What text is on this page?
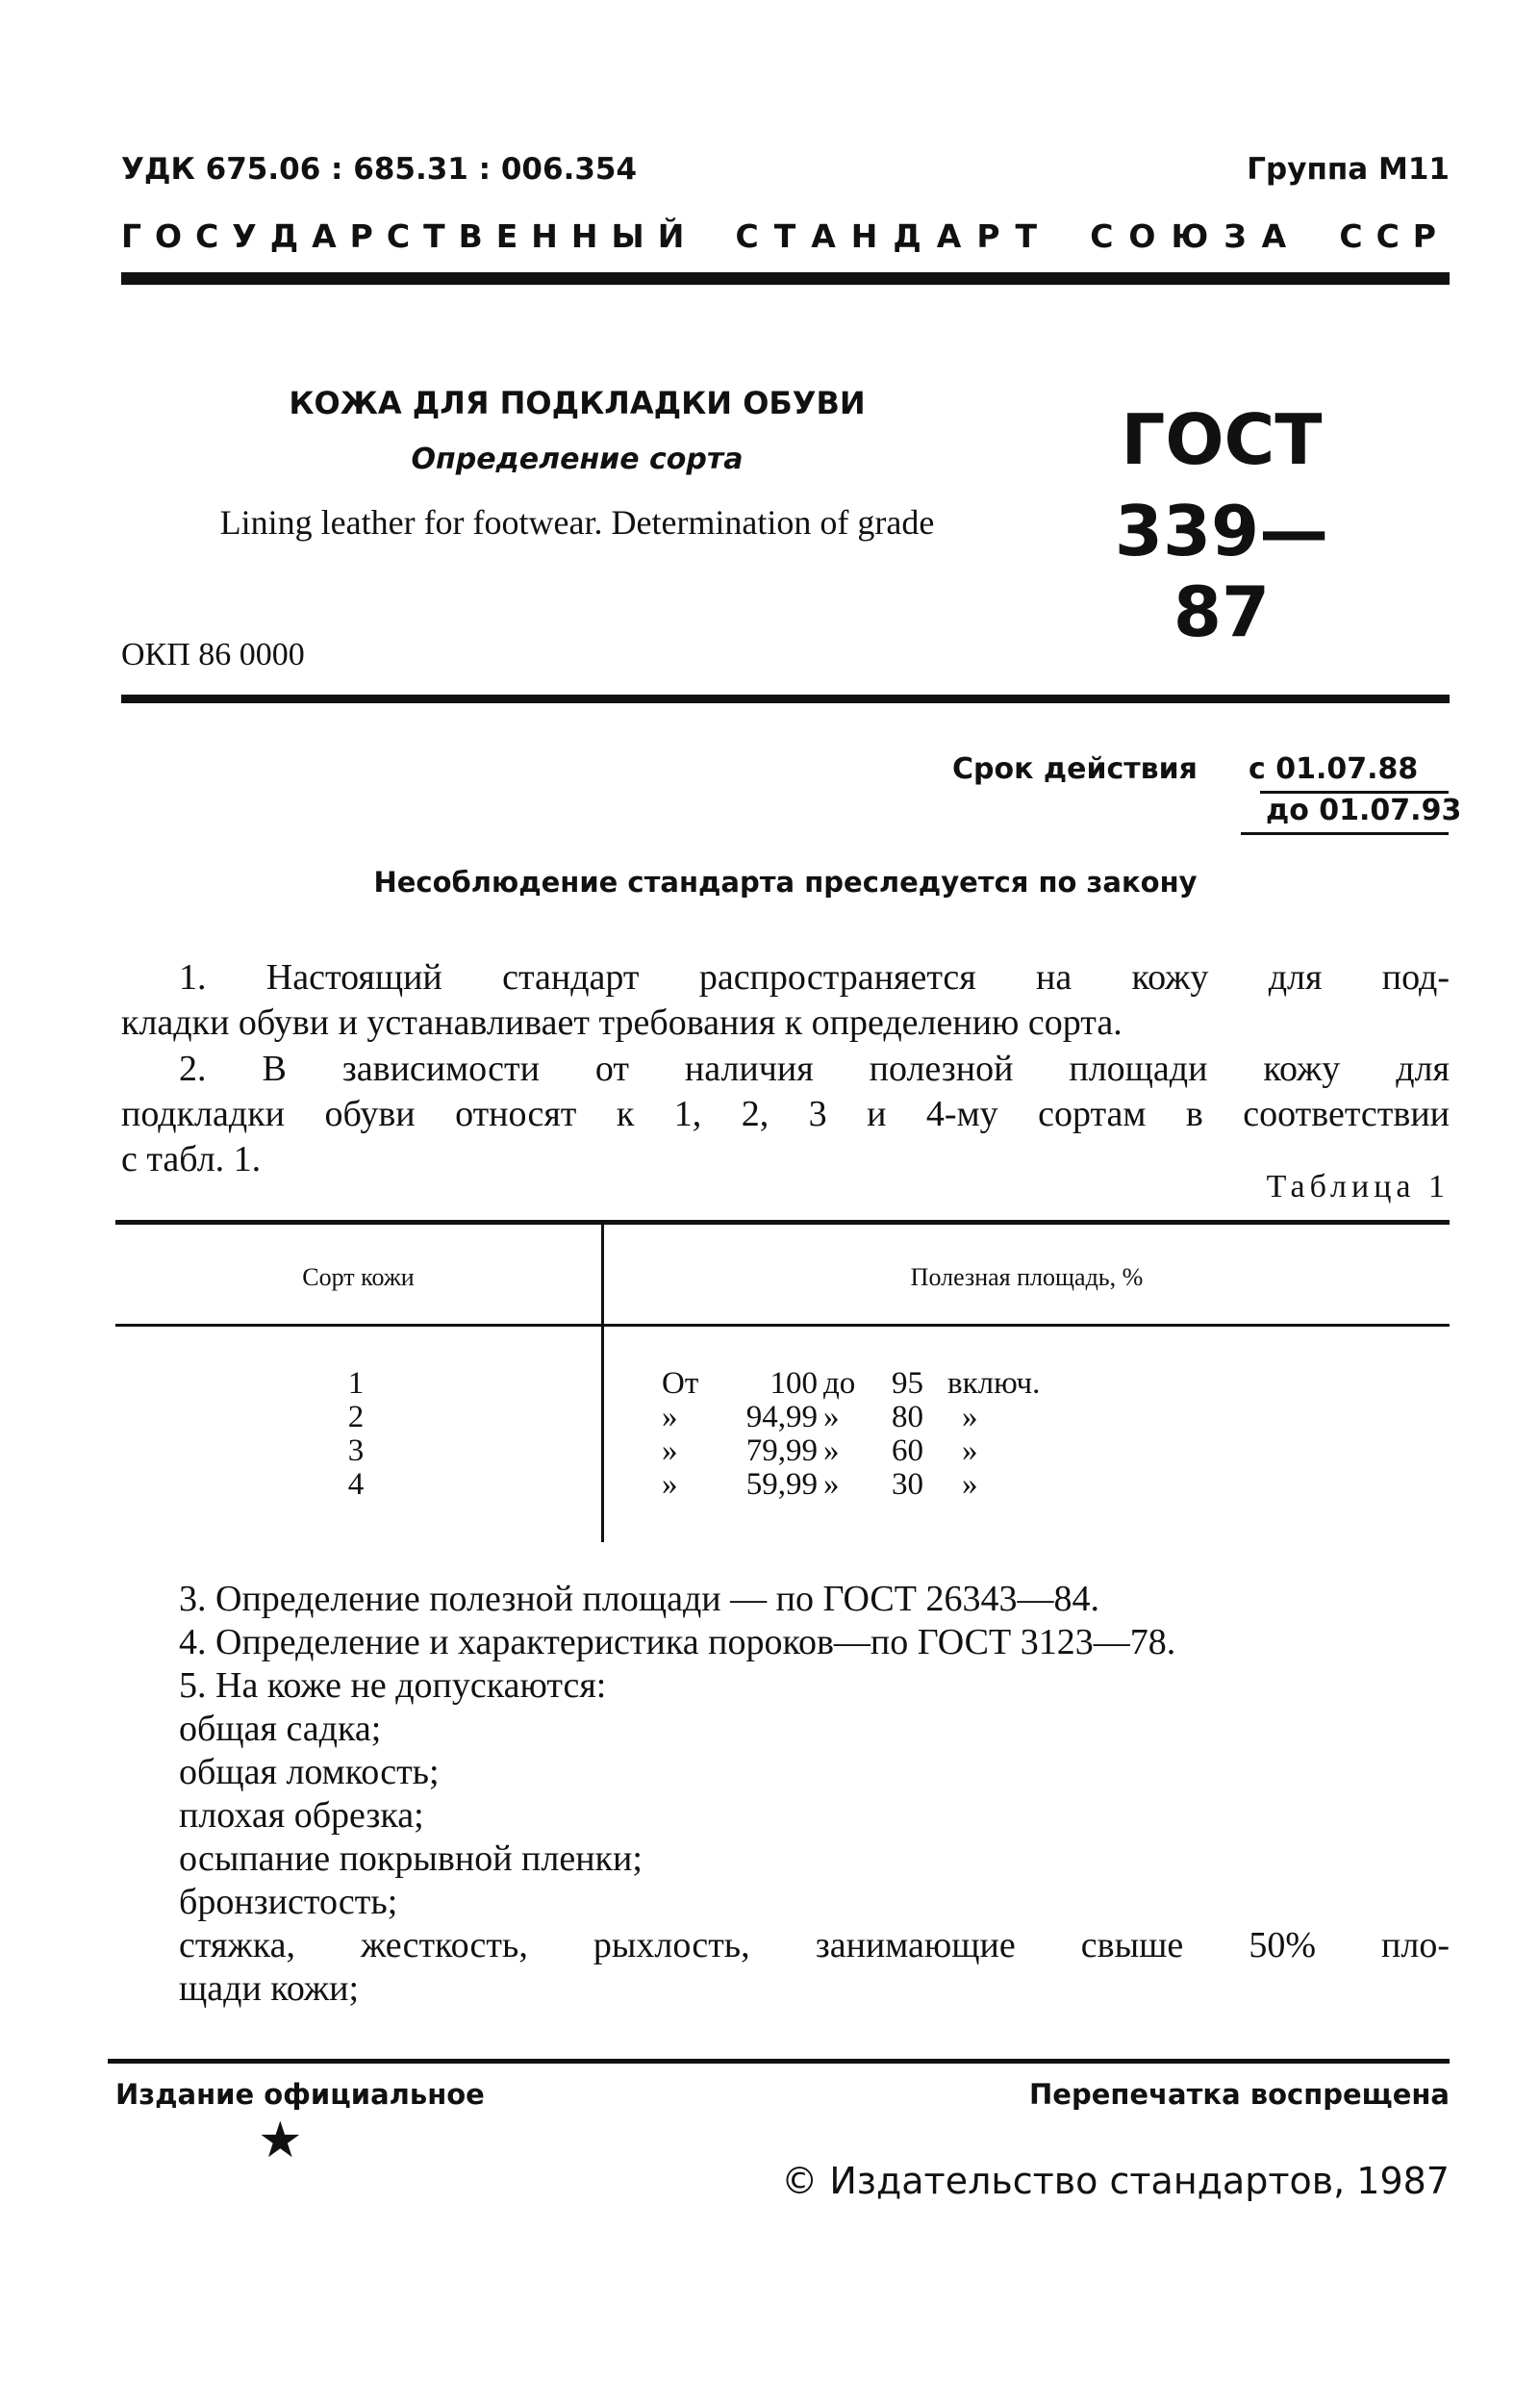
УДК 675.06 : 685.31 : 006.354	Группа М11
ГОСУДАРСТВЕННЫЙ СТАНДАРТ СОЮЗА ССР
КОЖА ДЛЯ ПОДКЛАДКИ ОБУВИ
Определение сорта
Lining leather for footwear. Determination of grade
ГОСТ
339—87
ОКП 86 0000
Срок действия с 01.07.88
до 01.07.93
Несоблюдение стандарта преследуется по закону
1. Настоящий стандарт распространяется на кожу для под-
кладки обуви и устанавливает требования к определению сорта.
2. В зависимости от наличия полезной площади кожу для
подкладки обуви относят к 1, 2, 3 и 4-му сортам в соответствии
с табл. 1.
Таблица 1
Сорт кожи	Полезная площадь, %
1	От	100 до	95 включ.
2	»	94,99 »	80 »
3	»	79,99 »	60 »
4	»	59,99 »	30 »
3. Определение полезной площади — по ГОСТ 26343—84.
4. Определение и характеристика пороков—по ГОСТ 3123—78.
5. На коже не допускаются:
общая садка;
общая ломкость;
плохая обрезка;
осыпание покрывной пленки;
бронзистость;
стяжка, жесткость, рыхлость, занимающие свыше 50% пло-
щади кожи;
Издание официальное	Перепечатка воспрещена
★
© Издательство стандартов, 1987
